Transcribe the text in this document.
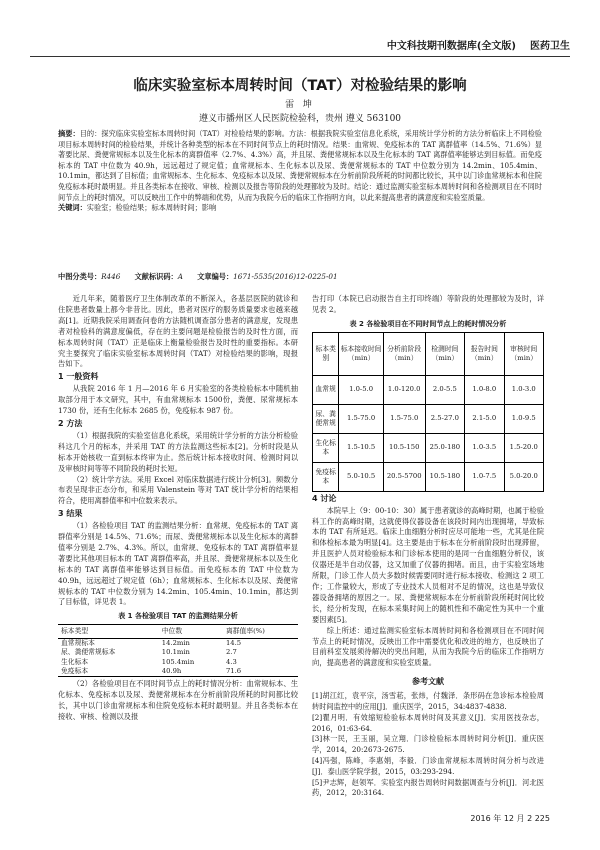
中文科技期刊数据库(全文版) 医药卫生
临床实验室标本周转时间（TAT）对检验结果的影响
雷 坤
遵义市播州区人民医院检验科，贵州 遵义 563100
摘要：目的：探究临床实验室标本周转时间（TAT）对检验结果的影响。方法：根据我院实验室信息化系统，采用统计学分析的方法分析临床上不同检验项目标本周转时间的检验结果，并统计各种类型的标本在不同时间节点上的耗时情况。结果：血常规、免疫标本的 TAT 离群值率（14.5%、71.6%）显著要比尿、粪便常规标本以及生化标本的离群值率（2.7%、4.3%）高，并且尿、粪便常规标本以及生化标本的 TAT 离群值率能够达到目标值。而免疫标本的 TAT 中位数为 40.9h，远远超过了规定值；血常规标本、生化标本以及尿、粪便常规标本的 TAT 中位数分别为 14.2min、105.4min、10.1min，都达到了目标值；血常规标本、生化标本、免疫标本以及尿、粪便常规标本在分析前阶段所耗的时间都比较长，其中以门诊血常规标本和住院免疫标本耗时最明显。并且各类标本在接收、审核、检测以及报告等阶段的处理都较为及时。结论：通过监测实验室标本周转时间和各检测项目在不同时间节点上的耗时情况，可以反映出工作中的弊端和优势，从而为我院今后的临床工作指明方向，以此来提高患者的满意度和实验室质量。
关键词：实验室；检验结果；标本周转时间；影响
中图分类号：R446 文献标识码：A 文章编号：1671-5535(2016)12-0225-01

近几年来，随着医疗卫生体制改革的不断深入，各基层医院的就诊和住院患者数量上都今非昔比。因此，患者对医疗的服务质量要求也越来越高[1]。近期我院采用调查问卷的方法随机调查部分患者的满意度，发现患者对检验科的满意度偏低，存在的主要问题是检验报告的及时性方面，而标本周转时间（TAT）正是临床上衡量检验报告及时性的重要指标。本研究主要探究了临床实验室标本周转时间（TAT）对检验结果的影响，现报告如下。

1 一般资料

从我院 2016 年 1 月—2016 年 6 月实验室的各类检验标本中随机抽取部分用于本文研究，其中，有血常规标本 1500份，粪便、尿常规标本 1730 份，还有生化标本 2685 份，免疫标本 987 份。

2 方法

（1）根据我院的实验室信息化系统，采用统计学分析的方法分析检验科这几个月的标本，并采用 TAT 的方法监测这些标本[2]。分析时段是从标本开始核收一直到标本终审为止。然后统计标本接收时间、检测时间以及审核时间等等不同阶段的耗时长短。

（2）统计学方法。采用 Excel 对临床数据进行统计分析[3]。频数分布表呈现非正态分布，和采用 Valenstein 等对 TAT 统计学分析的结果相符合，使用离群值率和中位数来表示。

3 结果

（1）各检验项目 TAT 的监测结果分析：血常规、免疫标本的 TAT 离群值率分别是 14.5%、71.6%；而尿、粪便常规标本以及生化标本的离群值率分别是 2.7%、4.3%。所以，血常规、免疫标本的 TAT 离群值率显著要比其他项目标本的 TAT 离群值率高，并且尿、粪便常规标本以及生化标本的 TAT 离群值率能够达到目标值。而免疫标本的 TAT 中位数为 40.9h，远远超过了规定值（6h）；血常规标本、生化标本以及尿、粪便常规标本的 TAT 中位数分别为 14.2min、105.4min、10.1min，都达到了目标值，详见表 1。

表 1 各检验项目 TAT 的监测结果分析
标本类型	中位数	离群值率(%)
血常规标本	14.2min	14.5
尿、粪便常规标本	10.1min	2.7
生化标本	105.4min	4.3
免疫标本	40.9h	71.6

（2）各检验项目在不同时间节点上的耗时情况分析：血常规标本、生化标本、免疫标本以及尿、粪便常规标本在分析前阶段所耗的时间都比较长，其中以门诊血常规标本和住院免疫标本耗时最明显。并且各类标本在接收、审核、检测以及报

告打印（本院已启动报告自主打印终端）等阶段的处理都较为及时，详见表 2。

表 2 各检验项目在不同时间节点上的耗时情况分析
标本类别	标本接收时间（min）	分析前阶段（min）	检测时间（min）	报告时间（min）	审核时间（min）
血常规	1.0-5.0	1.0-120.0	2.0-5.5	1.0-8.0	1.0-3.0
尿、粪便常规	1.5-75.0	1.5-75.0	2.5-27.0	2.1-5.0	1.0-9.5
生化标本	1.5-10.5	10.5-150	25.0-180	1.0-3.5	1.5-20.0
免疫标本	5.0-10.5	20.5-5700	10.5-180	1.0-7.5	5.0-20.0
4 讨论

本院早上（9：00-10：30）属于患者就诊的高峰时期，也属于检验科工作的高峰时期，这就使得仪器设备在该段时间内出现拥堵，导致标本的 TAT 有所延迟。临床上血细胞分析时应尽可能地一些，尤其是住院和体检标本最为明显[4]。这主要是由于标本在分析前阶段时出现滞留，并且医护人员对检验标本和门诊标本使用的是同一台血细胞分析仪，该仪器还是半自动仪器，这又加重了仪器的拥堵。而且，由于实验室场地所限，门诊工作人员大多数时候需要同时进行标本接收、检测这 2 项工作；工作量较大，形成了专业技术人员相对不足的情况，这也是导致仪器设备拥堵的原因之一。尿、粪便常规标本在分析前阶段所耗时间比较长，经分析发现，在标本采集时间上的随机性和不确定性为其中一个重要因素[5]。

综上所述：通过监测实验室标本周转时间和各检测项目在不同时间节点上的耗时情况，反映出工作中需要优化和改进的地方，也反映出了目前科室发展须待解决的突出问题，从而为我院今后的临床工作指明方向，提高患者的满意度和实验室质量。

参考文献
[1]胡江红，袁平宗，汤雪菘，张炜，付魏泽．条形码在急诊标本检验周转时间监控中的应用[J]．重庆医学，2015，34:4837-4838.
[2]瞿月明．有效缩短检验标本周转时间及其意义[J]．实用医技杂志，2016，01:63-64.
[3]林一民，王玉丽，吴立翔．门诊检验标本周转时间分析[J]．重庆医学，2014，20:2673-2675.
[4]冯强，陈峰，李惠娟，李毅．门诊血常规标本周转时间分析与改进[J]．泰山医学院学报，2015，03:293-294.
[5]尹志辉，赵领军．实验室内报告周转时间数据调查与分析[J]．河北医药，2012，20:3164.
2016 年 12 月 2 225
